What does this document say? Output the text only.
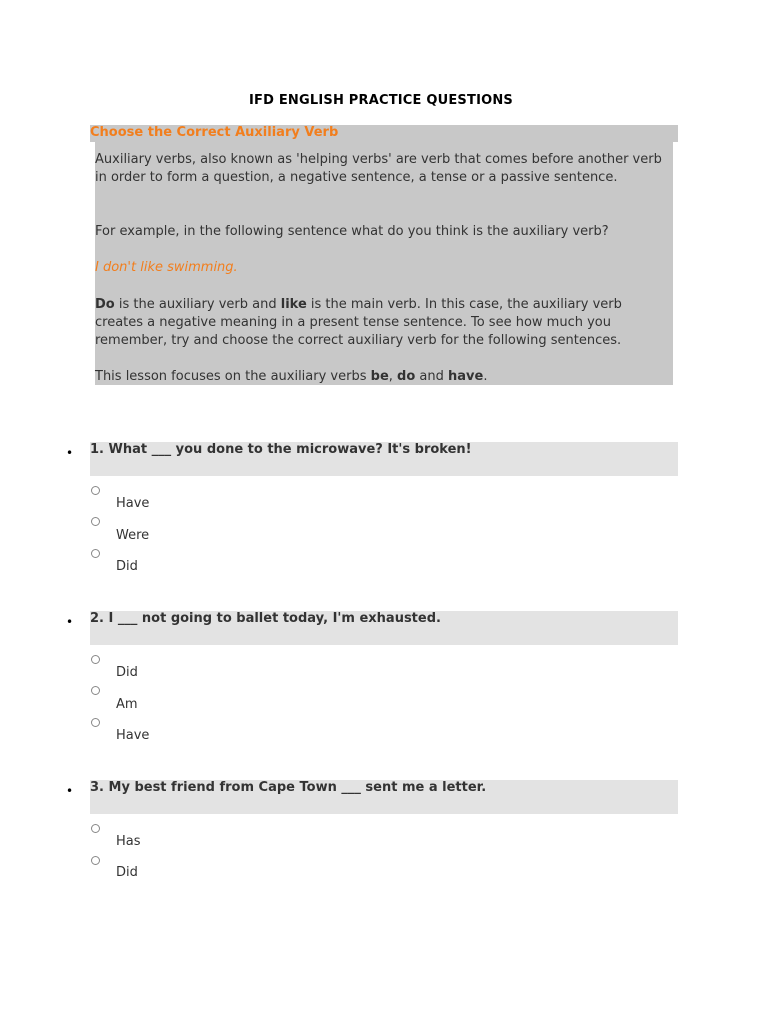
IFD ENGLISH PRACTICE QUESTIONS
Choose the Correct Auxiliary Verb

Auxiliary verbs, also known as 'helping verbs' are verb that comes before another verb in order to form a question, a negative sentence, a tense or a passive sentence.

For example, in the following sentence what do you think is the auxiliary verb?

I don't like swimming.

Do is the auxiliary verb and like is the main verb. In this case, the auxiliary verb creates a negative meaning in a present tense sentence. To see how much you remember, try and choose the correct auxiliary verb for the following sentences.

This lesson focuses on the auxiliary verbs be, do and have.

• 1. What ___ you done to the microwave? It's broken!
Have
Were
Did
• 2. I ___ not going to ballet today, I'm exhausted.
Did
Am
Have
• 3. My best friend from Cape Town ___ sent me a letter.
Has
Did
